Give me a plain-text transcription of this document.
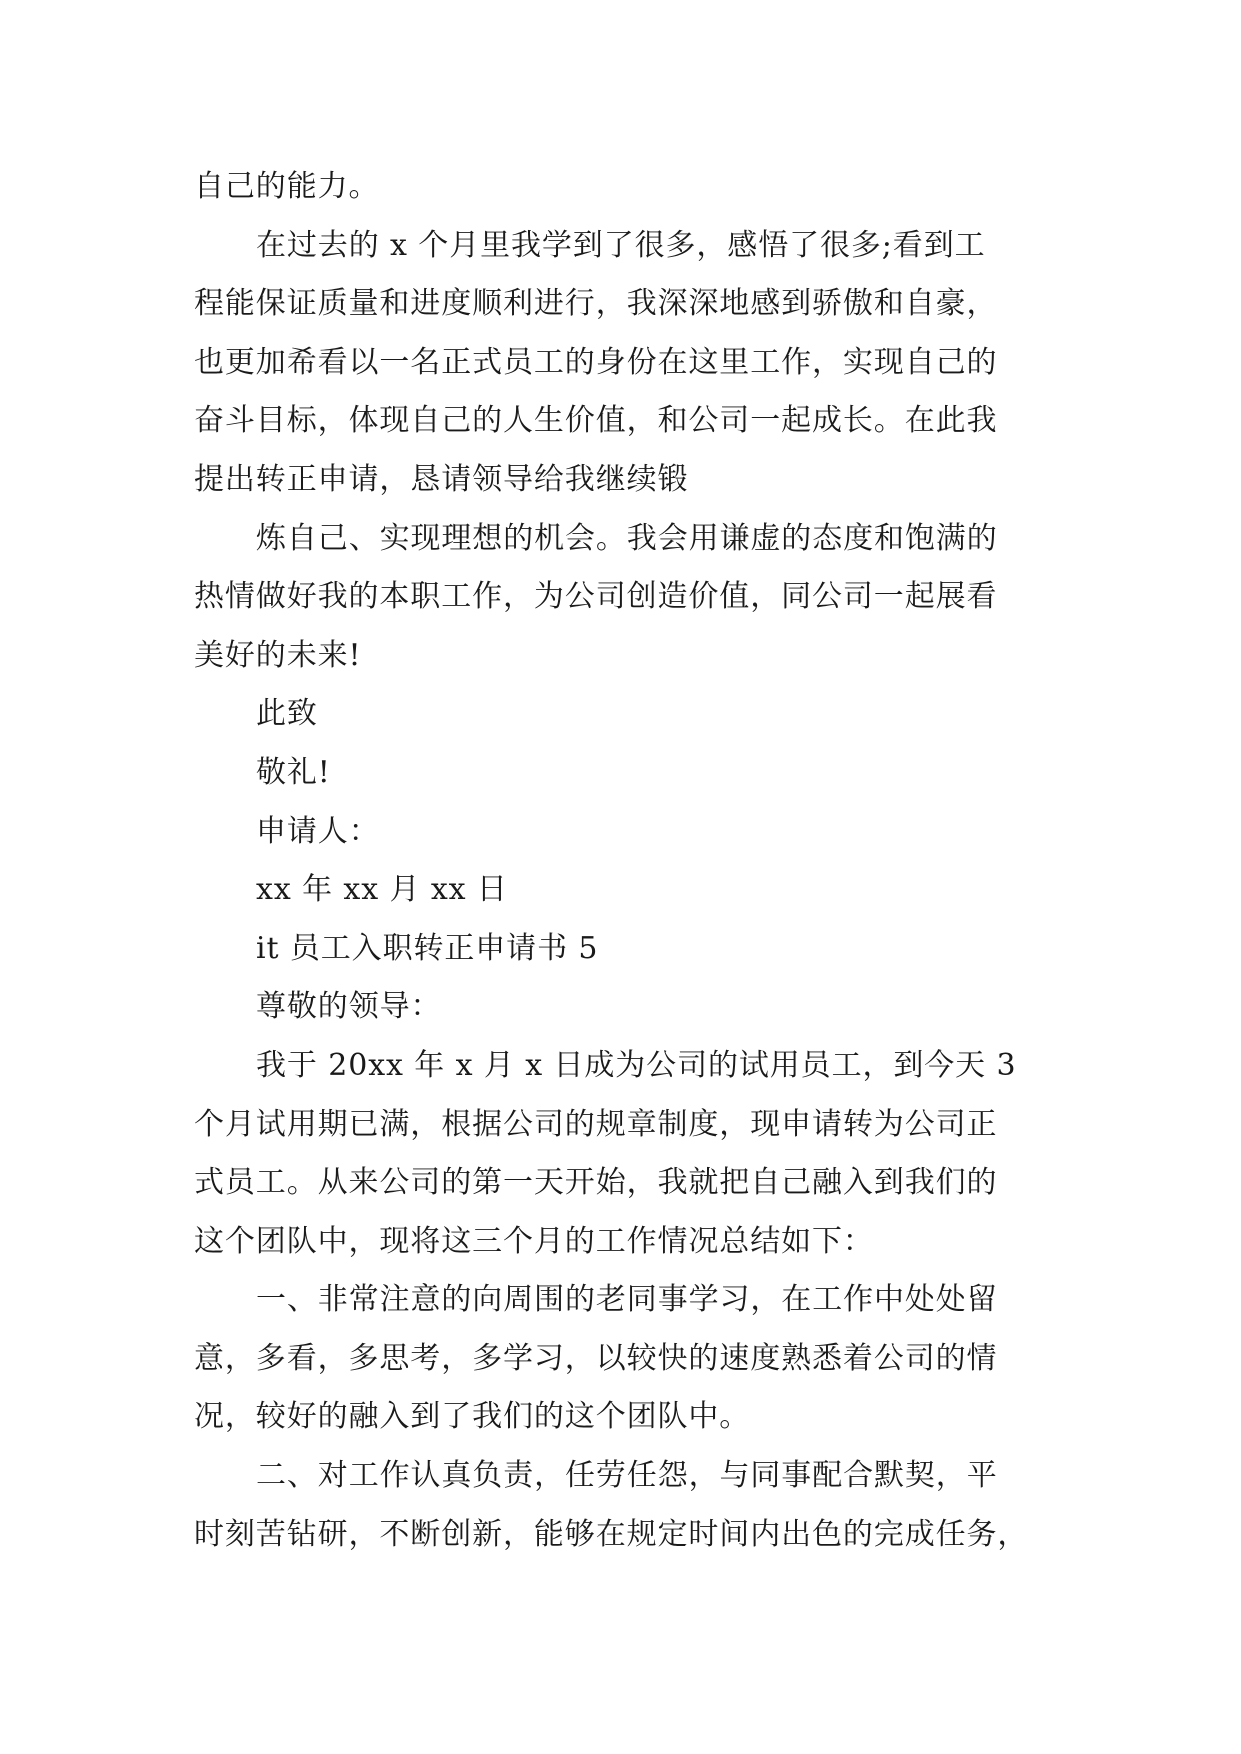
自己的能力。

在过去的 x 个月里我学到了很多，感悟了很多;看到工

程能保证质量和进度顺利进行，我深深地感到骄傲和自豪，

也更加希看以一名正式员工的身份在这里工作，实现自己的

奋斗目标，体现自己的人生价值，和公司一起成长。在此我

提出转正申请，恳请领导给我继续锻

炼自己、实现理想的机会。我会用谦虚的态度和饱满的

热情做好我的本职工作，为公司创造价值，同公司一起展看

美好的未来!

此致

敬礼!

申请人：

xx 年 xx 月 xx 日

it 员工入职转正申请书 5

尊敬的领导：

我于 20xx 年 x 月 x 日成为公司的试用员工，到今天 3

个月试用期已满，根据公司的规章制度，现申请转为公司正

式员工。从来公司的第一天开始，我就把自己融入到我们的

这个团队中，现将这三个月的工作情况总结如下：

一、非常注意的向周围的老同事学习，在工作中处处留

意，多看，多思考，多学习，以较快的速度熟悉着公司的情

况，较好的融入到了我们的这个团队中。

二、对工作认真负责，任劳任怨，与同事配合默契，平

时刻苦钻研，不断创新，能够在规定时间内出色的完成任务，
